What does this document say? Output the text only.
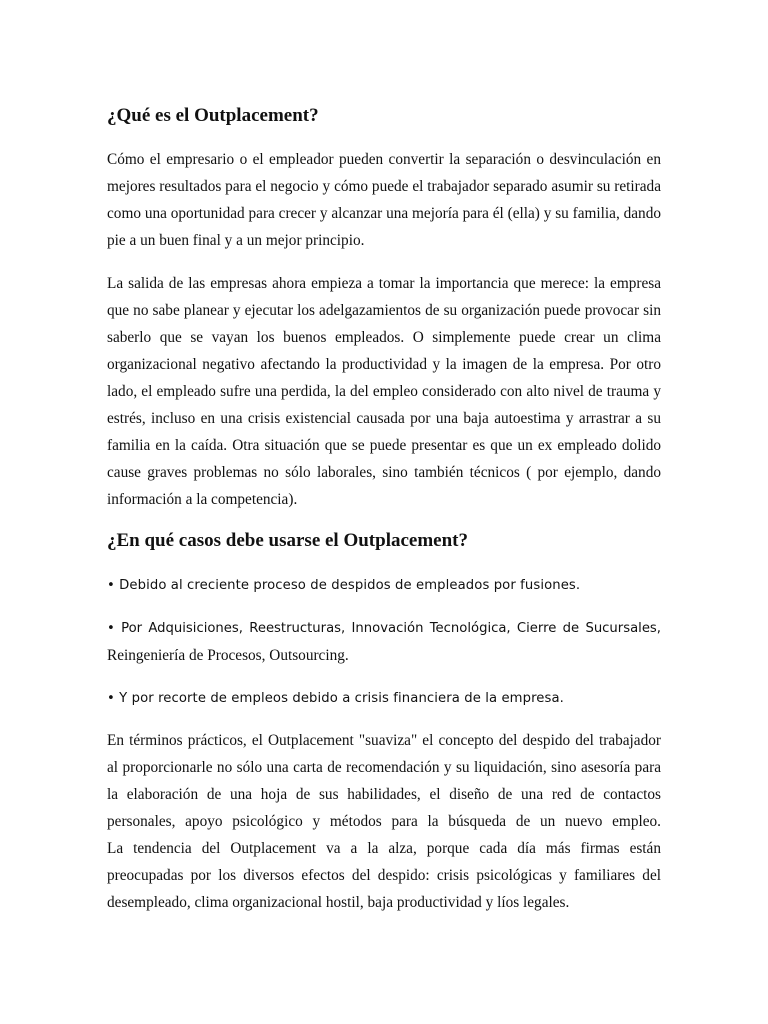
¿Qué es el Outplacement?

Cómo el empresario o el empleador pueden convertir la separación o desvinculación en mejores resultados para el negocio y cómo puede el trabajador separado asumir su retirada como una oportunidad para crecer y alcanzar una mejoría para él (ella) y su familia, dando pie a un buen final y a un mejor principio.

La salida de las empresas ahora empieza a tomar la importancia que merece: la empresa que no sabe planear y ejecutar los adelgazamientos de su organización puede provocar sin saberlo que se vayan los buenos empleados. O simplemente puede crear un clima organizacional negativo afectando la productividad y la imagen de la empresa. Por otro lado, el empleado sufre una perdida, la del empleo considerado con alto nivel de trauma y estrés, incluso en una crisis existencial causada por una baja autoestima y arrastrar a su familia en la caída. Otra situación que se puede presentar es que un ex empleado dolido cause graves problemas no sólo laborales, sino también técnicos ( por ejemplo, dando información a la competencia).

¿En qué casos debe usarse el Outplacement?

• Debido al creciente proceso de despidos de empleados por fusiones.

• Por Adquisiciones, Reestructuras, Innovación Tecnológica, Cierre de Sucursales,
Reingeniería de Procesos, Outsourcing.

• Y por recorte de empleos debido a crisis financiera de la empresa.

En términos prácticos, el Outplacement "suaviza" el concepto del despido del trabajador al proporcionarle no sólo una carta de recomendación y su liquidación, sino asesoría para la elaboración de una hoja de sus habilidades, el diseño de una red de contactos personales, apoyo psicológico y métodos para la búsqueda de un nuevo empleo.
La tendencia del Outplacement va a la alza, porque cada día más firmas están preocupadas por los diversos efectos del despido: crisis psicológicas y familiares del desempleado, clima organizacional hostil, baja productividad y líos legales.
